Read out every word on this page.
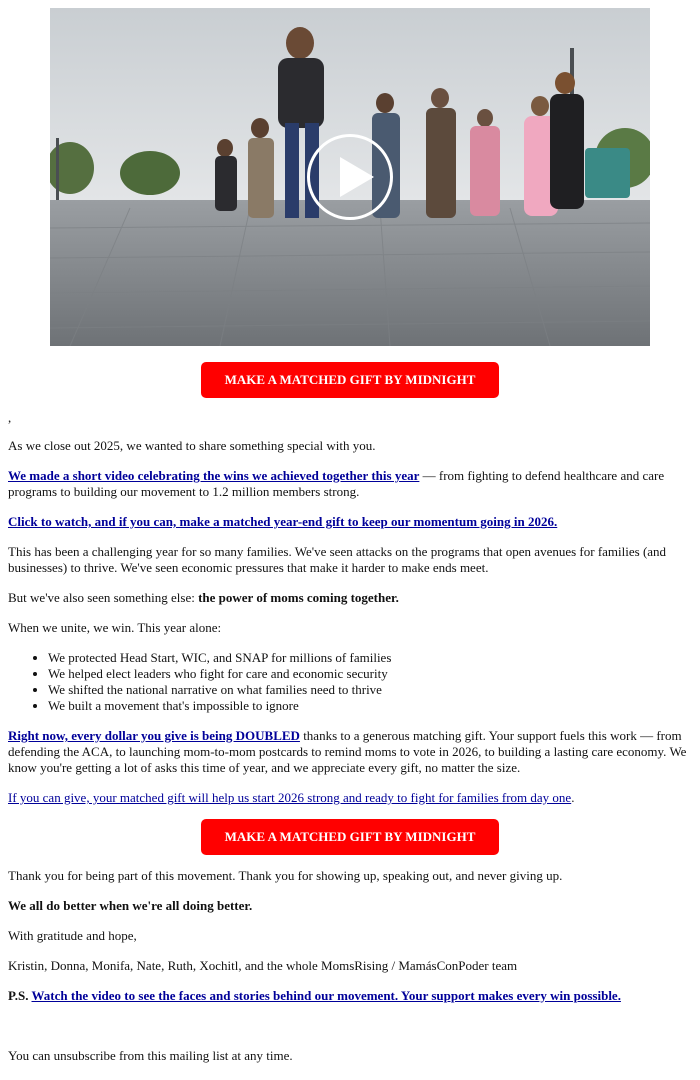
MAKE A MATCHED GIFT BY MIDNIGHT

,

As we close out 2025, we wanted to share something special with you.

We made a short video celebrating the wins we achieved together this year — from fighting to defend healthcare and care programs to building our movement to 1.2 million members strong.

Click to watch, and if you can, make a matched year-end gift to keep our momentum going in 2026.

This has been a challenging year for so many families. We've seen attacks on the programs that open avenues for families (and businesses) to thrive. We've seen economic pressures that make it harder to make ends meet.

But we've also seen something else: the power of moms coming together.

When we unite, we win. This year alone:

• We protected Head Start, WIC, and SNAP for millions of families
• We helped elect leaders who fight for care and economic security
• We shifted the national narrative on what families need to thrive
• We built a movement that's impossible to ignore

Right now, every dollar you give is being DOUBLED thanks to a generous matching gift. Your support fuels this work — from defending the ACA, to launching mom-to-mom postcards to remind moms to vote in 2026, to building a lasting care economy. We know you're getting a lot of asks this time of year, and we appreciate every gift, no matter the size.

If you can give, your matched gift will help us start 2026 strong and ready to fight for families from day one.

MAKE A MATCHED GIFT BY MIDNIGHT

Thank you for being part of this movement. Thank you for showing up, speaking out, and never giving up.

We all do better when we're all doing better.

With gratitude and hope,

Kristin, Donna, Monifa, Nate, Ruth, Xochitl, and the whole MomsRising / MamásConPoder team

P.S. Watch the video to see the faces and stories behind our movement. Your support makes every win possible.

You can unsubscribe from this mailing list at any time.
